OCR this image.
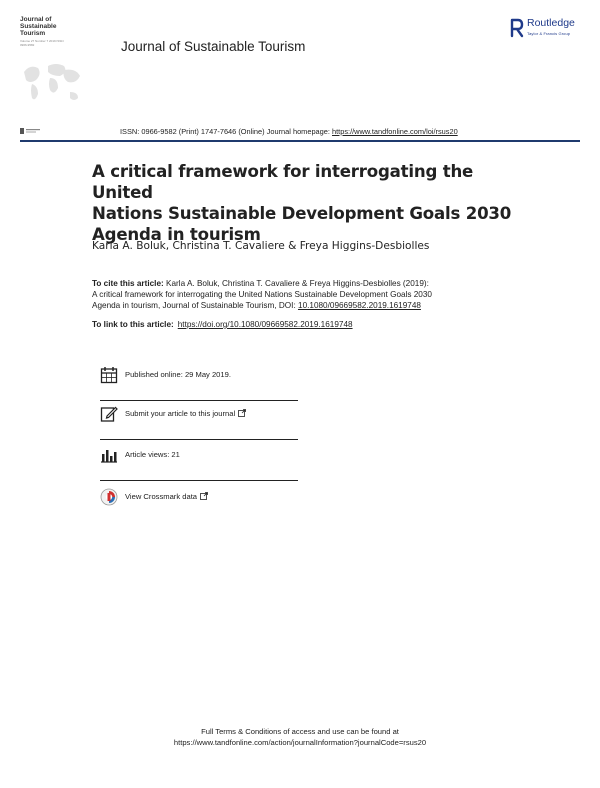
Journal of
Sustainable
Tourism
Volume 27 Number 7 2019 ISSN 0966-9582	Journal of Sustainable Tourism
Routledge
Taylor & Francis Group
ISSN: 0966-9582 (Print) 1747-7646 (Online) Journal homepage: https://www.tandfonline.com/loi/rsus20
A critical framework for interrogating the United
Nations Sustainable Development Goals 2030
Agenda in tourism
Karla A. Boluk, Christina T. Cavaliere & Freya Higgins-Desbiolles
To cite this article: Karla A. Boluk, Christina T. Cavaliere & Freya Higgins-Desbiolles (2019):
A critical framework for interrogating the United Nations Sustainable Development Goals 2030
Agenda in tourism, Journal of Sustainable Tourism, DOI: 10.1080/09669582.2019.1619748
To link to this article: https://doi.org/10.1080/09669582.2019.1619748
Published online: 29 May 2019.
Submit your article to this journal
Article views: 21
View Crossmark data
Full Terms & Conditions of access and use can be found at
https://www.tandfonline.com/action/journalInformation?journalCode=rsus20
